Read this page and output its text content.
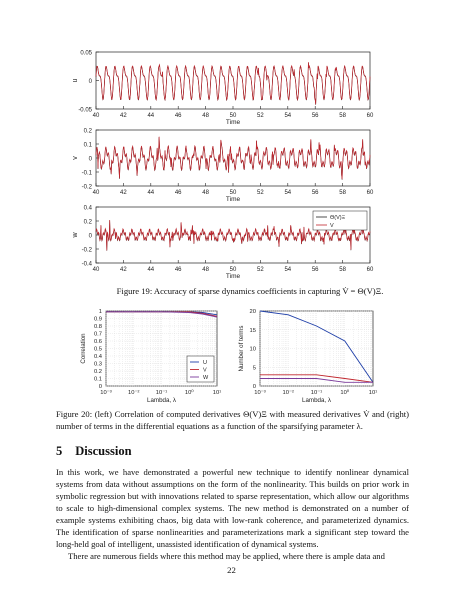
0.05
0
-0.05
40	42	44	46	48	50	52	54	56	58	60
Time
u
0.2
0.1
0
-0.1
-0.2
40	42	44	46	48	50	52	54	56	58	60
Time
v
0.4
0.2
0
-0.2
-0.4
40	42	44	46	48	50	52	54	56	58	60
Time
w
Θ(V)Ξ
V
Figure 19: Accuracy of sparse dynamics coefficients in capturing V̇ = Θ(V)Ξ.
10⁻³	10⁻²	10⁻¹	10⁰	10¹
1
0.9
0.8
0.7
0.6
0.5
0.4
0.3
0.2
0.1
0
Lambda, λ
Correlation	U
V
W
10⁻³	10⁻²	10⁻¹	10⁰	10¹
20
15
10
5
0
Lambda, λ
Number of terms
Figure 20: (left) Correlation of computed derivatives Θ(V)Ξ with measured derivatives V̇ and (right) number of terms in the differential equations as a function of the sparsifying parameter λ.
5 Discussion
In this work, we have demonstrated a powerful new technique to identify nonlinear dynamical systems from data without assumptions on the form of the nonlinearity. This builds on prior work in symbolic regression but with innovations related to sparse representation, which allow our algorithms to scale to high-dimensional complex systems. The new method is demonstrated on a number of example systems exhibiting chaos, big data with low-rank coherence, and parameterized dynamics. The identification of sparse nonlinearities and parameterizations mark a significant step toward the long-held goal of intelligent, unassisted identification of dynamical systems.
There are numerous fields where this method may be applied, where there is ample data and
22
